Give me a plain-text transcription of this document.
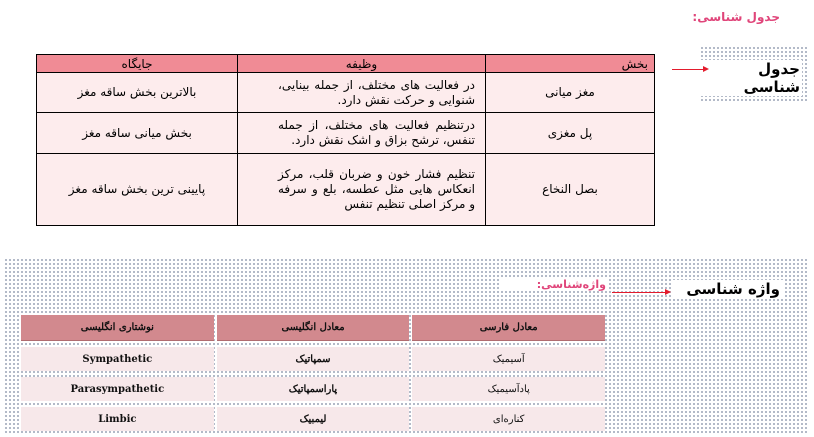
جدول شناسی:
جدول شناسی
بخش	وظیفه	جایگاه
مغز میانی	در فعالیت های مختلف، از جمله بینایی، شنوایی و حرکت نقش دارد.	بالاترین بخش ساقه مغز
پل مغزی	درتنظیم فعالیت های مختلف، از جمله تنفس، ترشح بزاق و اشک نقش دارد.	بخش میانی ساقه مغز
بصل النخاع	تنظیم فشار خون و ضربان قلب، مرکز انعکاس هایی مثل عطسه، بلع و سرفه و مرکز اصلی تنظیم تنفس	پایینی ترین بخش ساقه مغز
واژه‌شناسی:	واژه شناسی
معادل فارسی	معادل انگلیسی	نوشتاری انگلیسی
آسیمیک	سمپاتیک	Sympathetic
پادآسیمیک	پاراسمپاتیک	Parasympathetic
کناره‌ای	لیمبیک	Limbic
